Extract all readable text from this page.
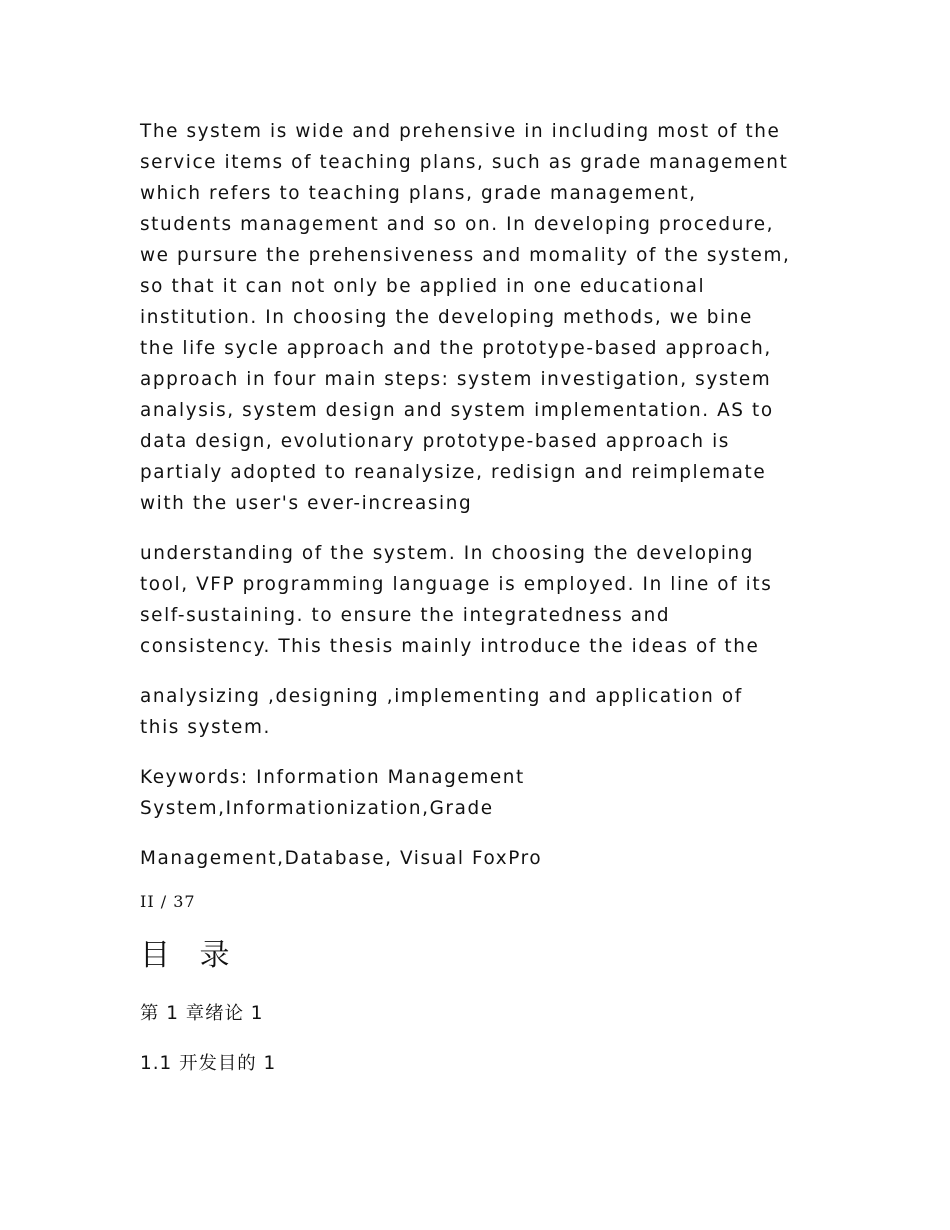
The system is wide and prehensive in including most of the
service items of teaching plans, such as grade management
which refers to teaching plans, grade management,
students management and so on. In developing procedure,
we pursure the prehensiveness and momality of the system,
so that it can not only be applied in one educational
institution. In choosing the developing methods, we bine
the life sycle approach and the prototype-based approach,
approach in four main steps: system investigation, system
analysis, system design and system implementation. AS to
data design, evolutionary prototype-based approach is
partialy adopted to reanalysize, redisign and reimplemate
with the user's ever-increasing

understanding of the system. In choosing the developing
tool, VFP programming language is employed. In line of its
self-sustaining. to ensure the integratedness and
consistency. This thesis mainly introduce the ideas of the

analysizing ,designing ,implementing and application of
this system.

Keywords: Information Management
System,Informationization,Grade

Management,Database, Visual FoxPro

II / 37
目 录
第 1 章绪论 1
1.1 开发目的 1
